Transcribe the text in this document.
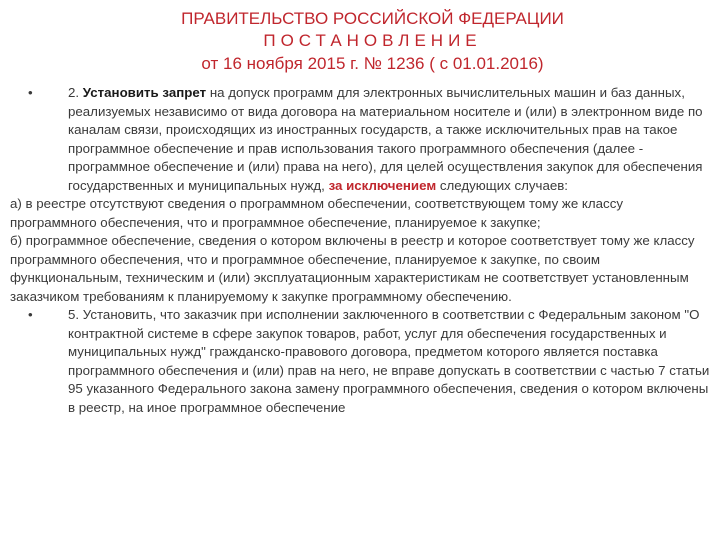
ПРАВИТЕЛЬСТВО РОССИЙСКОЙ ФЕДЕРАЦИИ
ПОСТАНОВЛЕНИЕ
от 16 ноября 2015 г. № 1236 ( с 01.01.2016)
•	2. Установить запрет на допуск программ для электронных вычислительных машин и баз данных, реализуемых независимо от вида договора на материальном носителе и (или) в электронном виде по каналам связи, происходящих из иностранных государств, а также исключительных прав на такое программное обеспечение и прав использования такого программного обеспечения (далее - программное обеспечение и (или) права на него), для целей осуществления закупок для обеспечения государственных и муниципальных нужд, за исключением следующих случаев:

а) в реестре отсутствуют сведения о программном обеспечении, соответствующем тому же классу программного обеспечения, что и программное обеспечение, планируемое к закупке;

б) программное обеспечение, сведения о котором включены в реестр и которое соответствует тому же классу программного обеспечения, что и программное обеспечение, планируемое к закупке, по своим функциональным, техническим и (или) эксплуатационным характеристикам не соответствует установленным заказчиком требованиям к планируемому к закупке программному обеспечению.

•	5. Установить, что заказчик при исполнении заключенного в соответствии с Федеральным законом "О контрактной системе в сфере закупок товаров, работ, услуг для обеспечения государственных и муниципальных нужд" гражданско-правового договора, предметом которого является поставка программного обеспечения и (или) прав на него, не вправе допускать в соответствии с частью 7 статьи 95 указанного Федерального закона замену программного обеспечения, сведения о котором включены в реестр, на иное программное обеспечение
